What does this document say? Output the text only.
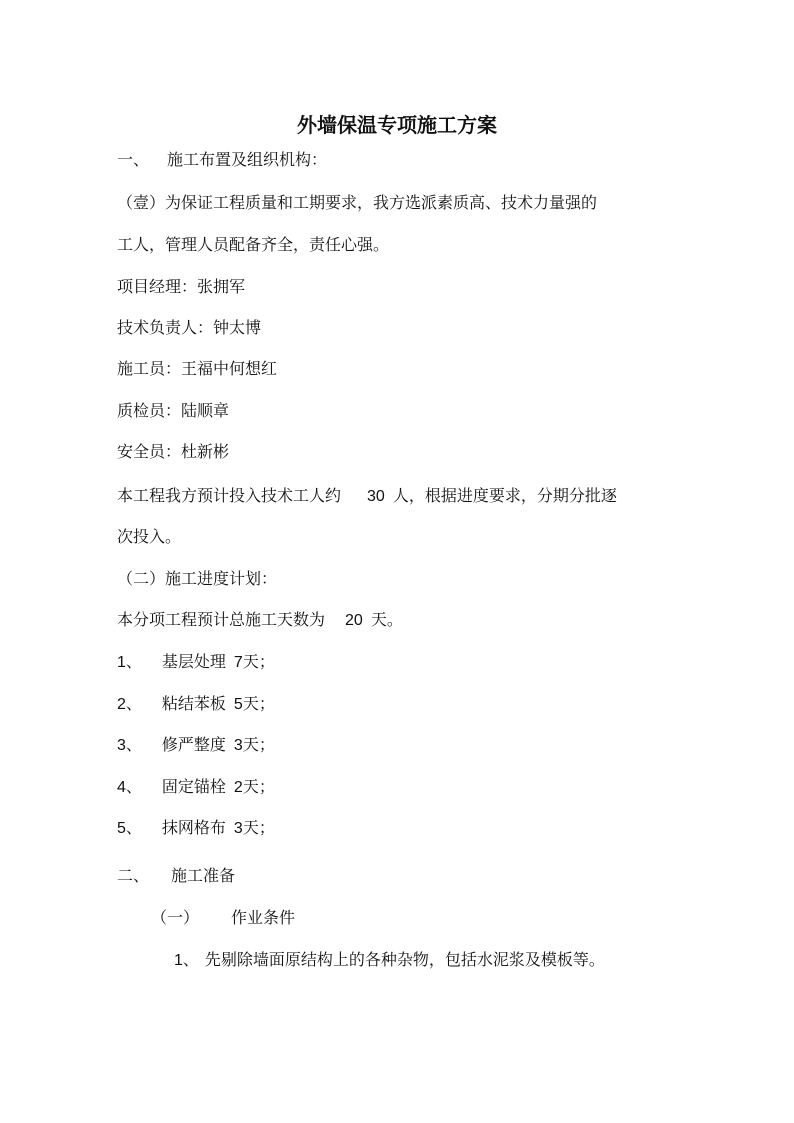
外墙保温专项施工方案

一、 施工布置及组织机构：

（壹）为保证工程质量和工期要求，我方选派素质高、技术力量强的

工人，管理人员配备齐全，责任心强。

项目经理：张拥军

技术负责人：钟太博

施工员：王福中何想红

质检员：陆顺章

安全员：杜新彬

本工程我方预计投入技术工人约 30 人，根据进度要求，分期分批逐

次投入。

（二）施工进度计划：

本分项工程预计总施工天数为 20 天。

1、 基层处理 7天；

2、 粘结苯板 5天；

3、 修严整度 3天；

4、 固定锚栓 2天；

5、 抹网格布 3天；

二、 施工准备

（一） 作业条件

1、 先剔除墙面原结构上的各种杂物，包括水泥浆及模板等。
